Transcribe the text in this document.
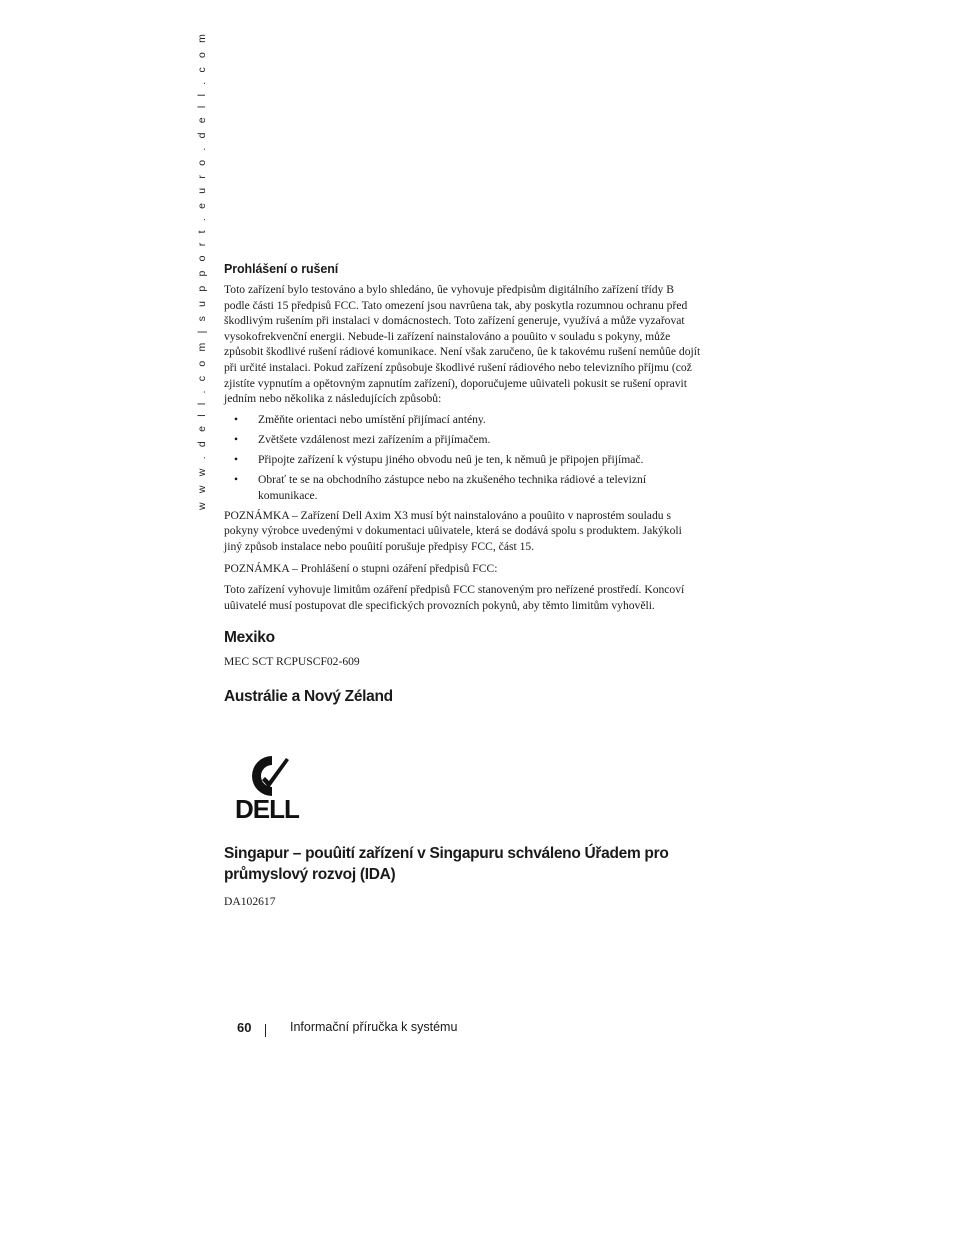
w w w . d e l l . c o m | s u p p o r t . e u r o . d e l l . c o m	Prohlášení o rušení

Toto zařízení bylo testováno a bylo shledáno, ûe vyhovuje předpisům digitálního zařízení třídy B podle části 15 předpisů FCC. Tato omezení jsou navrûena tak, aby poskytla rozumnou ochranu před škodlivým rušením při instalaci v domácnostech. Toto zařízení generuje, využívá a může vyzařovat vysokofrekvenční energii. Nebude-li zařízení nainstalováno a pouûito v souladu s pokyny, může způsobit škodlivé rušení rádiové komunikace. Není však zaručeno, ûe k takovému rušení nemůûe dojít při určité instalaci. Pokud zařízení způsobuje škodlivé rušení rádiového nebo televizního příjmu (což zjistíte vypnutím a opětovným zapnutím zařízení), doporučujeme uûivateli pokusit se rušení opravit jedním nebo několika z následujících způsobů:

• Změňte orientaci nebo umístění přijímací antény.
• Zvětšete vzdálenost mezi zařízením a přijímačem.
• Připojte zařízení k výstupu jiného obvodu neû je ten, k němuû je připojen přijímač.
• Obrať te se na obchodního zástupce nebo na zkušeného technika rádiové a televizní komunikace.

POZNÁMKA – Zařízení Dell Axim X3 musí být nainstalováno a pouûito v naprostém souladu s pokyny výrobce uvedenými v dokumentaci uûivatele, která se dodává spolu s produktem. Jakýkoli jiný způsob instalace nebo pouûití porušuje předpisy FCC, část 15.

POZNÁMKA – Prohlášení o stupni ozáření předpisů FCC:

Toto zařízení vyhovuje limitům ozáření předpisů FCC stanoveným pro neřízené prostředí. Koncoví uûivatelé musí postupovat dle specifických provozních pokynů, aby těmto limitům vyhověli.

Mexiko

MEC SCT RCPUSCF02-609

Austrálie a Nový Zéland
DELL
Singapur – pouûití zařízení v Singapuru schváleno Úřadem pro průmyslový rozvoj (IDA)

DA102617

60	Informační příručka k systému
